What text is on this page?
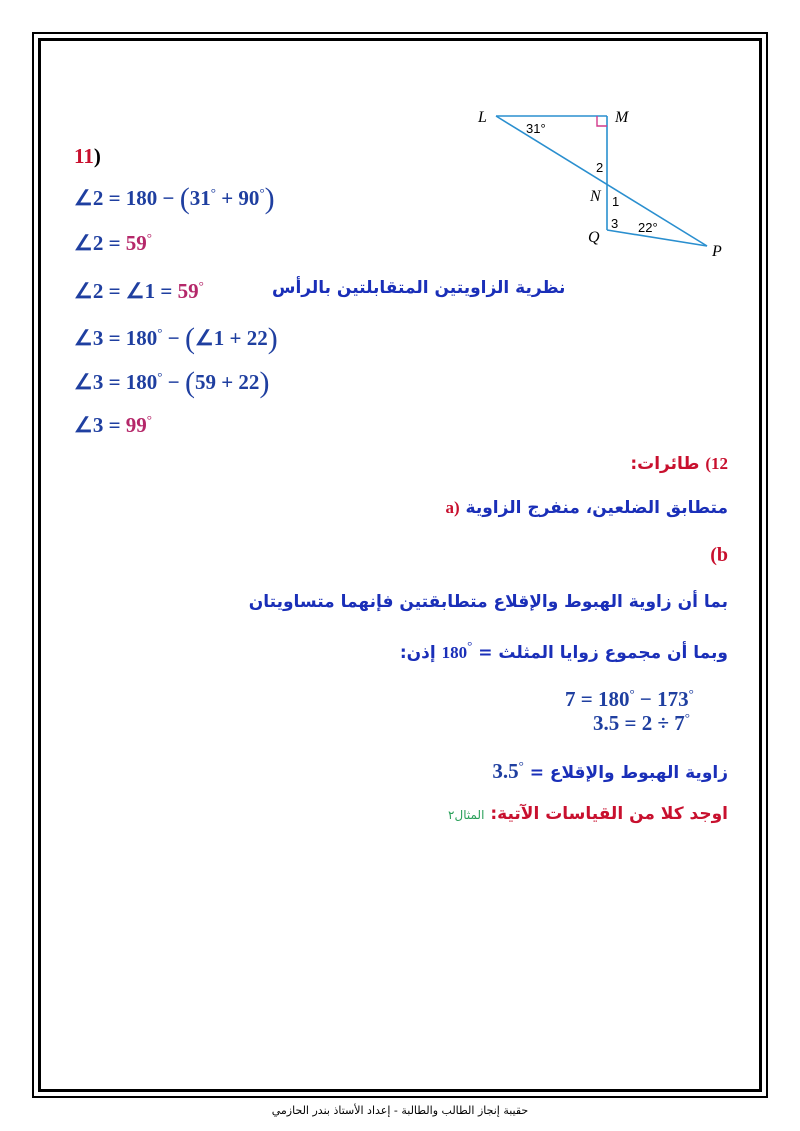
L	M
N
Q
P
31°
22°
2
1
3
11)
∠2 = 180 − (31° + 90°)
∠2 = 59°
∠2 = ∠1 = 59°	نظرية الزاويتين المتقابلتين بالرأس
∠3 = 180° − (∠1 + 22)
∠3 = 180° − (59 + 22)
∠3 = 99°
12) طائرات:
a) متطابق الضلعين، منفرج الزاوية
(b
بما أن زاوية الهبوط والإقلاع متطابقتين فإنهما متساويتان
وبما أن مجموع زوايا المثلث = 180° إذن:
7 = 180° − 173°
3.5 = 2 ÷ 7°
زاوية الهبوط والإقلاع = 3.5°
اوجد كلا من القياسات الآتية: المثال٢
حقيبة إنجاز الطالب والطالبة - إعداد الأستاذ بندر الحازمي
